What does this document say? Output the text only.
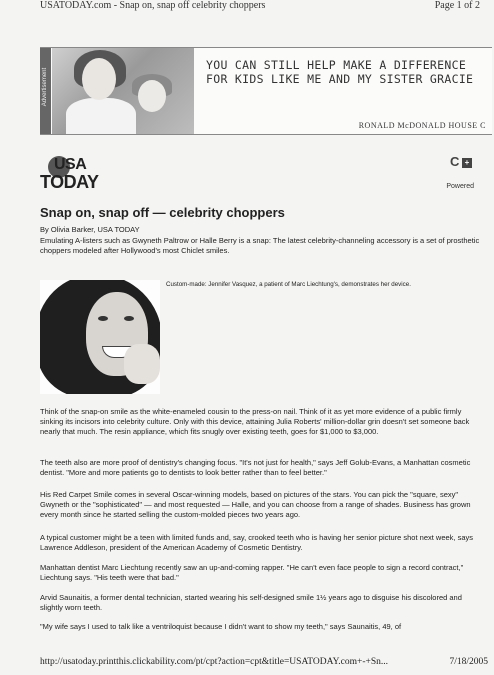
USATODAY.com - Snap on, snap off celebrity choppers	Page 1 of 2
Advertisement
YOU CAN STILL HELP MAKE A DIFFERENCE FOR KIDS LIKE ME AND MY SISTER GRACIE
RONALD McDONALD HOUSE C
USA
TODAY
C +
Powered
Snap on, snap off — celebrity choppers
By Olivia Barker, USA TODAY

Emulating A-listers such as Gwyneth Paltrow or Halle Berry is a snap: The latest celebrity-channeling accessory is a set of prosthetic choppers modeled after Hollywood's most Chiclet smiles.

Custom-made: Jennifer Vasquez, a patient of Marc Liechtung's, demonstrates her device.

Think of the snap-on smile as the white-enameled cousin to the press-on nail. Think of it as yet more evidence of a public firmly sinking its incisors into celebrity culture. Only with this device, attaining Julia Roberts' million-dollar grin doesn't set someone back nearly that much. The resin appliance, which fits snugly over existing teeth, goes for $1,000 to $3,000.

The teeth also are more proof of dentistry's changing focus. "It's not just for health," says Jeff Golub-Evans, a Manhattan cosmetic dentist. "More and more patients go to dentists to look better rather than to feel better."

His Red Carpet Smile comes in several Oscar-winning models, based on pictures of the stars. You can pick the "square, sexy" Gwyneth or the "sophisticated" — and most requested — Halle, and you can choose from a range of shades. Business has grown every month since he started selling the custom-molded pieces two years ago.

A typical customer might be a teen with limited funds and, say, crooked teeth who is having her senior picture shot next week, says Lawrence Addleson, president of the American Academy of Cosmetic Dentistry.

Manhattan dentist Marc Liechtung recently saw an up-and-coming rapper. "He can't even face people to sign a record contract," Liechtung says. "His teeth were that bad."

Arvid Saunaitis, a former dental technician, started wearing his self-designed smile 1½ years ago to disguise his discolored and slightly worn teeth.

"My wife says I used to talk like a ventriloquist because I didn't want to show my teeth," says Saunaitis, 49, of

http://usatoday.printthis.clickability.com/pt/cpt?action=cpt&title=USATODAY.com+-+Sn...	7/18/2005
